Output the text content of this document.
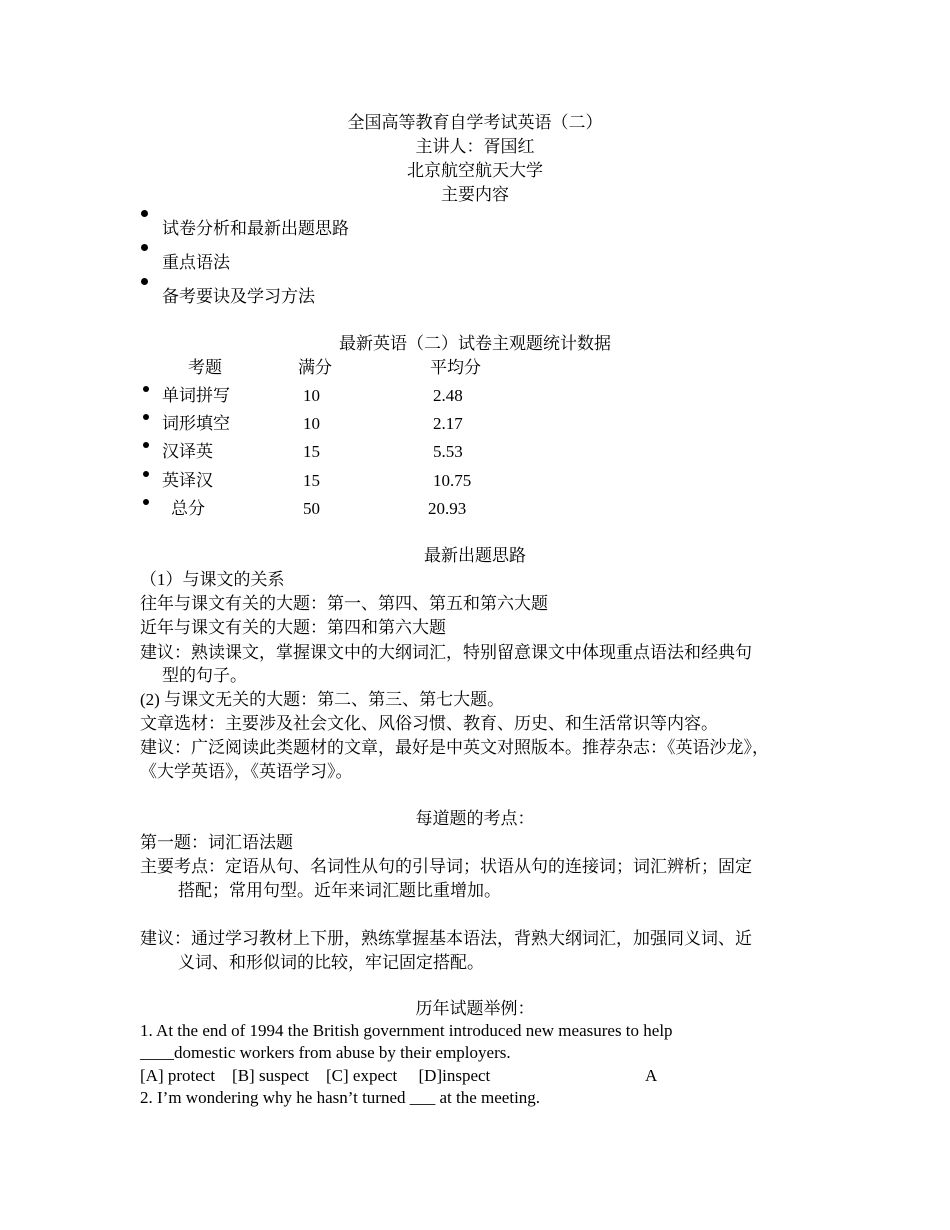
全国高等教育自学考试英语（二）
主讲人：胥国红
北京航空航天大学
主要内容
试卷分析和最新出题思路
重点语法
备考要诀及学习方法
最新英语（二）试卷主观题统计数据
考题	满分	平均分
单词拼写	10	2.48
词形填空	10	2.17
汉译英	15	5.53
英译汉	15	10.75
总分	50	20.93
最新出题思路
（1）与课文的关系
往年与课文有关的大题：第一、第四、第五和第六大题
近年与课文有关的大题：第四和第六大题
建议：熟读课文，掌握课文中的大纲词汇，特别留意课文中体现重点语法和经典句
型的句子。
(2) 与课文无关的大题：第二、第三、第七大题。
文章选材：主要涉及社会文化、风俗习惯、教育、历史、和生活常识等内容。
建议：广泛阅读此类题材的文章，最好是中英文对照版本。推荐杂志：《英语沙龙》，
《大学英语》，《英语学习》。
每道题的考点：
第一题：词汇语法题
主要考点：定语从句、名词性从句的引导词；状语从句的连接词；词汇辨析；固定
搭配；常用句型。近年来词汇题比重增加。
建议：通过学习教材上下册，熟练掌握基本语法，背熟大纲词汇，加强同义词、近
义词、和形似词的比较，牢记固定搭配。
历年试题举例：
1. At the end of 1994 the British government introduced new measures to help
____domestic workers from abuse by their employers.
[A] protect    [B] suspect    [C] expect     [D]inspect	A
2. I’m wondering why he hasn’t turned ___ at the meeting.
